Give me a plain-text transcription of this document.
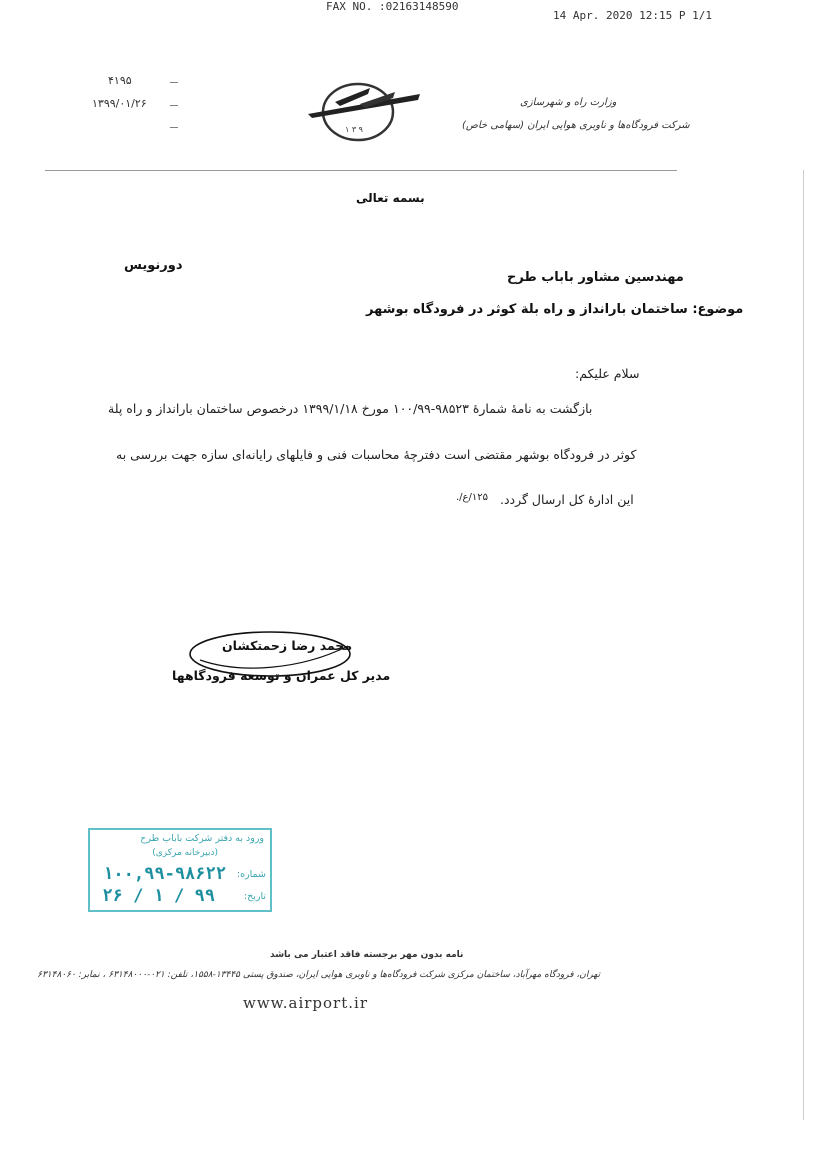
FAX NO. :02163148590
14 Apr. 2020 12:15 P 1/1
۴۱۹۵	ـــ
۱۳۹۹/۰۱/۲۶	ـــ
ـــ	۱ ۳ ۹
وزارت راه و شهرسازی
شرکت فرودگاه‌ها و ناوبری هوایی ایران (سهامی خاص)
بسمه تعالی
دورنویس
مهندسین مشاور باباب طرح
موضوع: ساختمان بارانداز و راه بلة کوثر در فرودگاه بوشهر
سلام علیکم:
بازگشت به نامهٔ شمارهٔ ۹۸۵۲۳-۱۰۰/۹۹ مورخ ۱۳۹۹/۱/۱۸ درخصوص ساختمان بارانداز و راه پلة
کوثر در فرودگاه بوشهر مقتضی است دفترچهٔ محاسبات فنی و فایلهای رایانه‌ای سازه جهت بررسی به
این ادارهٔ کل ارسال گردد.
۱۲۵/ع/.
محمد رضا زحمتکشان
مدیر کل عمران و توسعه فرودگاهها
ورود به دفتر شرکت باباب طرح
(دبیرخانه مرکزی)
شماره:
۱۰۰,۹۹-۹۸۶۲۲
تاریخ:
۹۹ / ۱ / ۲۶
نامه بدون مهر برجسته فاقد اعتبار می باشد
تهران، فرودگاه مهرآباد، ساختمان مرکزی شرکت فرودگاه‌ها و ناوبری هوایی ایران، صندوق پستی ۱۳۴۴۵-۱۵۵۸، تلفن: ۰۲۱-۶۳۱۴۸۰۰۰ ، نمابر: ۶۳۱۴۸۰۶۰
www.airport.ir
